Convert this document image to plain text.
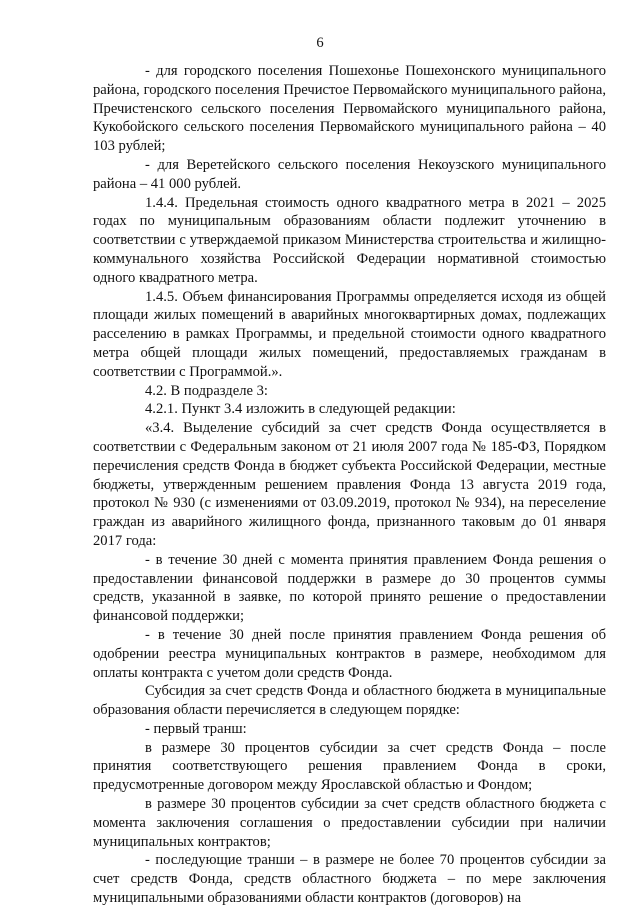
6

- для городского поселения Пошехонье Пошехонского муниципального района, городского поселения Пречистое Первомайского муниципального района, Пречистенского сельского поселения Первомайского муниципального района, Кукобойского сельского поселения Первомайского муниципального района – 40 103 рублей;

- для Веретейского сельского поселения Некоузского муниципального района – 41 000 рублей.

1.4.4. Предельная стоимость одного квадратного метра в 2021 – 2025 годах по муниципальным образованиям области подлежит уточнению в соответствии с утверждаемой приказом Министерства строительства и жилищно-коммунального хозяйства Российской Федерации нормативной стоимостью одного квадратного метра.

1.4.5. Объем финансирования Программы определяется исходя из общей площади жилых помещений в аварийных многоквартирных домах, подлежащих расселению в рамках Программы, и предельной стоимости одного квадратного метра общей площади жилых помещений, предоставляемых гражданам в соответствии с Программой.».

4.2. В подразделе 3:

4.2.1. Пункт 3.4 изложить в следующей редакции:

«3.4. Выделение субсидий за счет средств Фонда осуществляется в соответствии с Федеральным законом от 21 июля 2007 года № 185-ФЗ, Порядком перечисления средств Фонда в бюджет субъекта Российской Федерации, местные бюджеты, утвержденным решением правления Фонда 13 августа 2019 года, протокол № 930 (с изменениями от 03.09.2019, протокол № 934), на переселение граждан из аварийного жилищного фонда, признанного таковым до 01 января 2017 года:

- в течение 30 дней с момента принятия правлением Фонда решения о предоставлении финансовой поддержки в размере до 30 процентов суммы средств, указанной в заявке, по которой принято решение о предоставлении финансовой поддержки;

- в течение 30 дней после принятия правлением Фонда решения об одобрении реестра муниципальных контрактов в размере, необходимом для оплаты контракта с учетом доли средств Фонда.

Субсидия за счет средств Фонда и областного бюджета в муниципальные образования области перечисляется в следующем порядке:

- первый транш:

в размере 30 процентов субсидии за счет средств Фонда – после принятия соответствующего решения правлением Фонда в сроки, предусмотренные договором между Ярославской областью и Фондом;

в размере 30 процентов субсидии за счет средств областного бюджета с момента заключения соглашения о предоставлении субсидии при наличии муниципальных контрактов;

- последующие транши – в размере не более 70 процентов субсидии за счет средств Фонда, средств областного бюджета – по мере заключения муниципальными образованиями области контрактов (договоров) на
